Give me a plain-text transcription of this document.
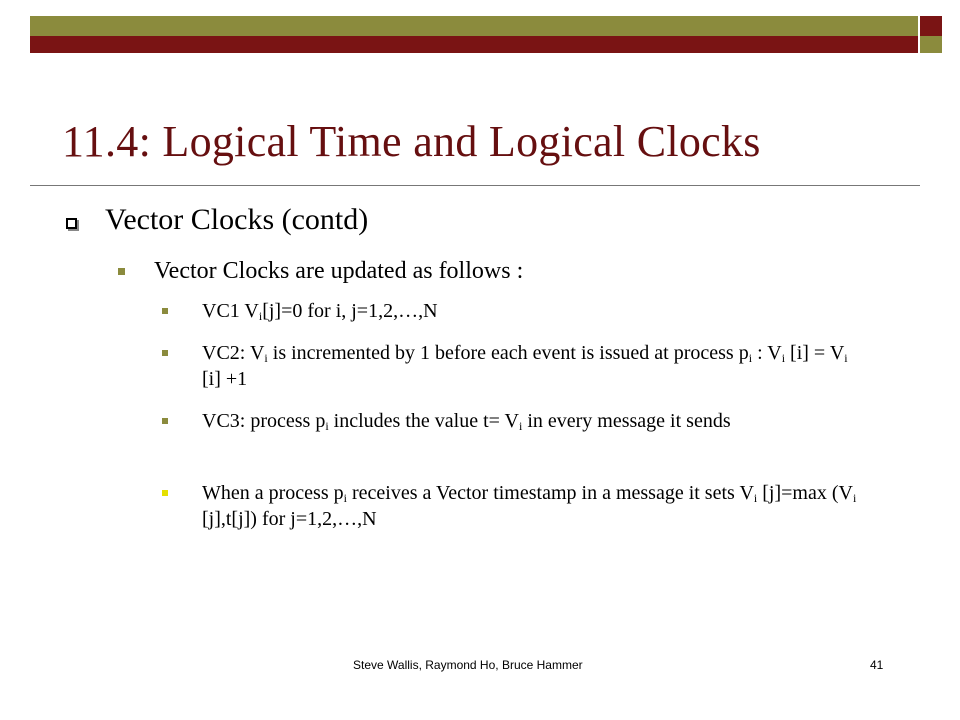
11.4: Logical Time and Logical Clocks
Vector Clocks (contd)
Vector Clocks are updated as follows :
VC1 $V_i[j]=0$ for i, j=1,2,…,N
VC2: $V_i$ is incremented by 1 before each event is issued at process $p_i$ : $V_i$ $[i] = V_i$ [i] +1
VC3: process $p_i$ includes the value $t= V_i$ in every message it sends
When a process $p_i$ receives a Vector timestamp in a message it sets $V_i$ [j]=max ($V_i$ [j],t[j]) for j=1,2,…,N
Steve Wallis, Raymond Ho, Bruce Hammer	41
